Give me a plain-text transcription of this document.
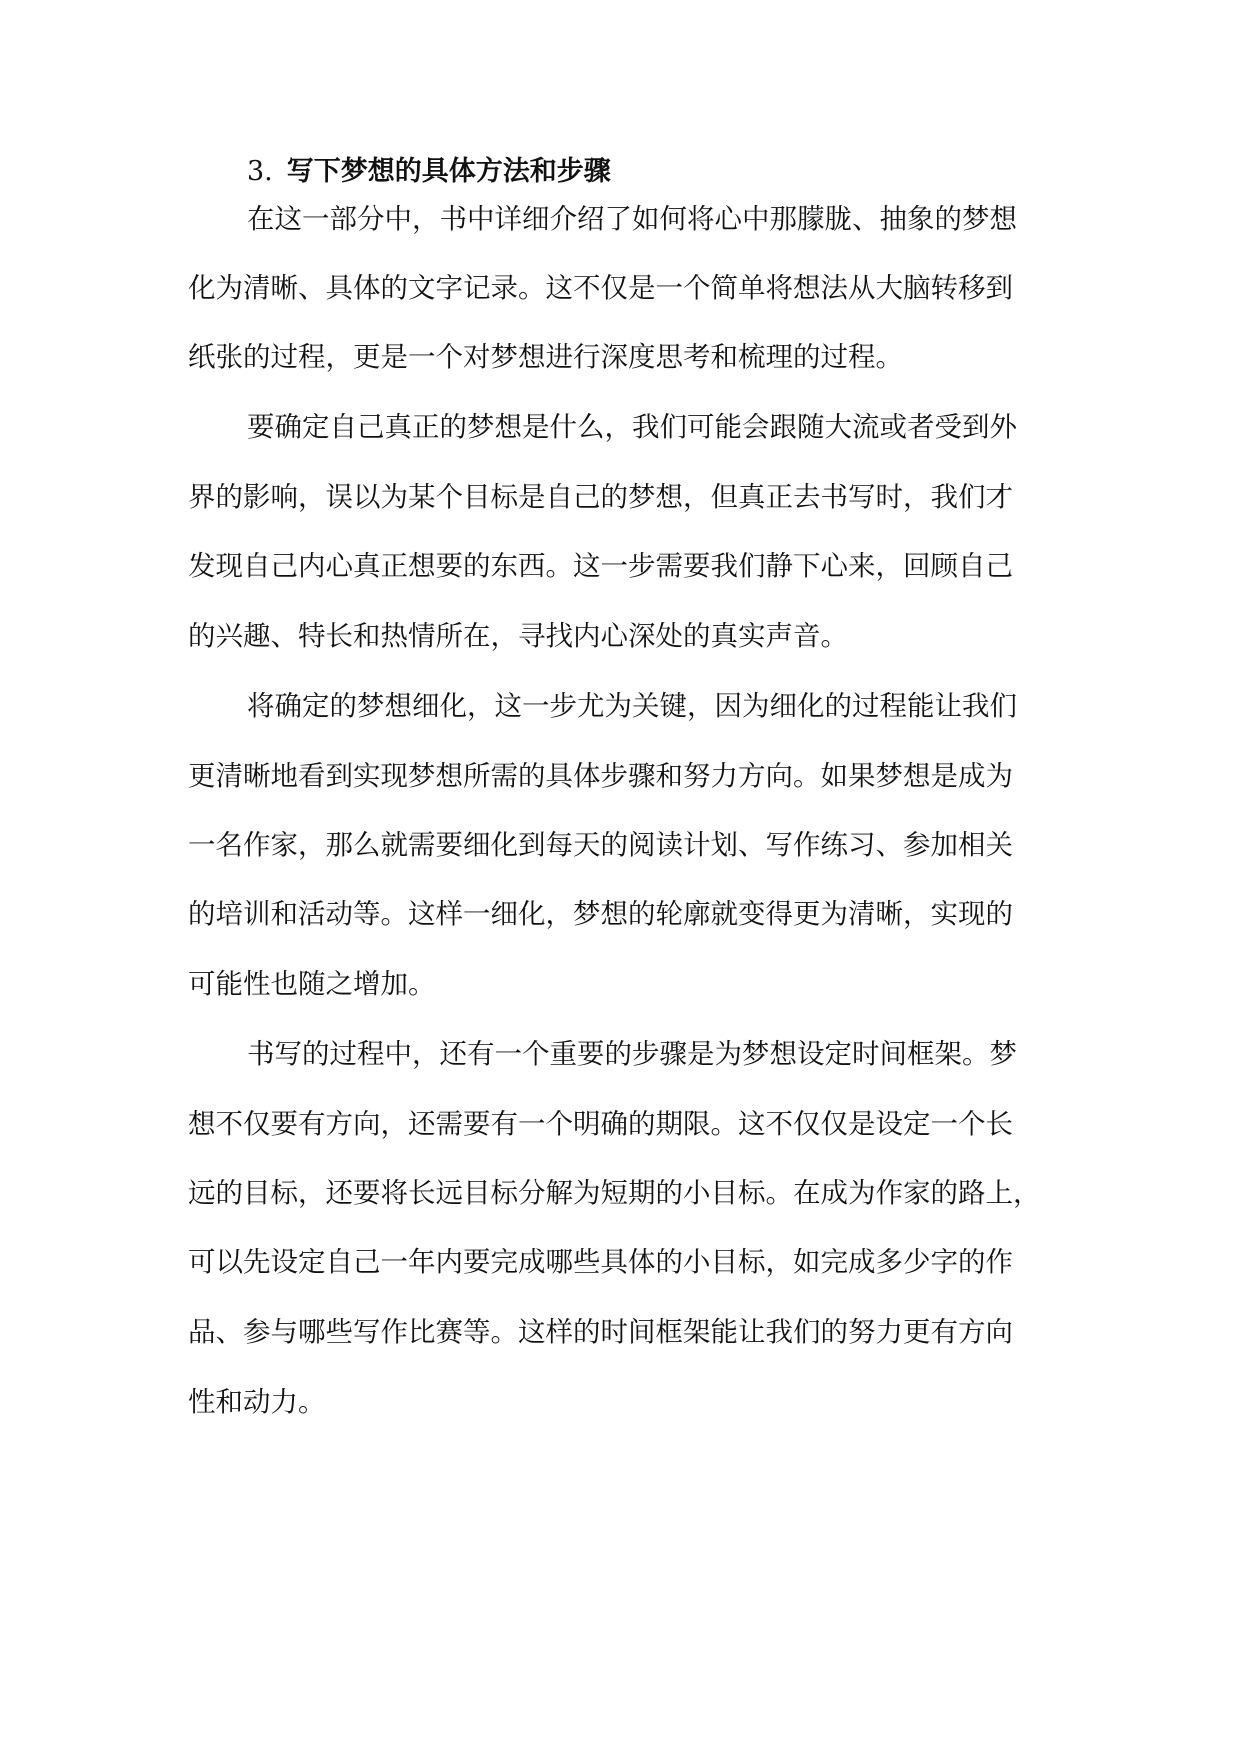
3. 写下梦想的具体方法和步骤

在这一部分中，书中详细介绍了如何将心中那朦胧、抽象的梦想

化为清晰、具体的文字记录。这不仅是一个简单将想法从大脑转移到

纸张的过程，更是一个对梦想进行深度思考和梳理的过程。

要确定自己真正的梦想是什么，我们可能会跟随大流或者受到外

界的影响，误以为某个目标是自己的梦想，但真正去书写时，我们才

发现自己内心真正想要的东西。这一步需要我们静下心来，回顾自己

的兴趣、特长和热情所在，寻找内心深处的真实声音。

将确定的梦想细化，这一步尤为关键，因为细化的过程能让我们

更清晰地看到实现梦想所需的具体步骤和努力方向。如果梦想是成为

一名作家，那么就需要细化到每天的阅读计划、写作练习、参加相关

的培训和活动等。这样一细化，梦想的轮廓就变得更为清晰，实现的

可能性也随之增加。

书写的过程中，还有一个重要的步骤是为梦想设定时间框架。梦

想不仅要有方向，还需要有一个明确的期限。这不仅仅是设定一个长

远的目标，还要将长远目标分解为短期的小目标。在成为作家的路上，

可以先设定自己一年内要完成哪些具体的小目标，如完成多少字的作

品、参与哪些写作比赛等。这样的时间框架能让我们的努力更有方向

性和动力。
